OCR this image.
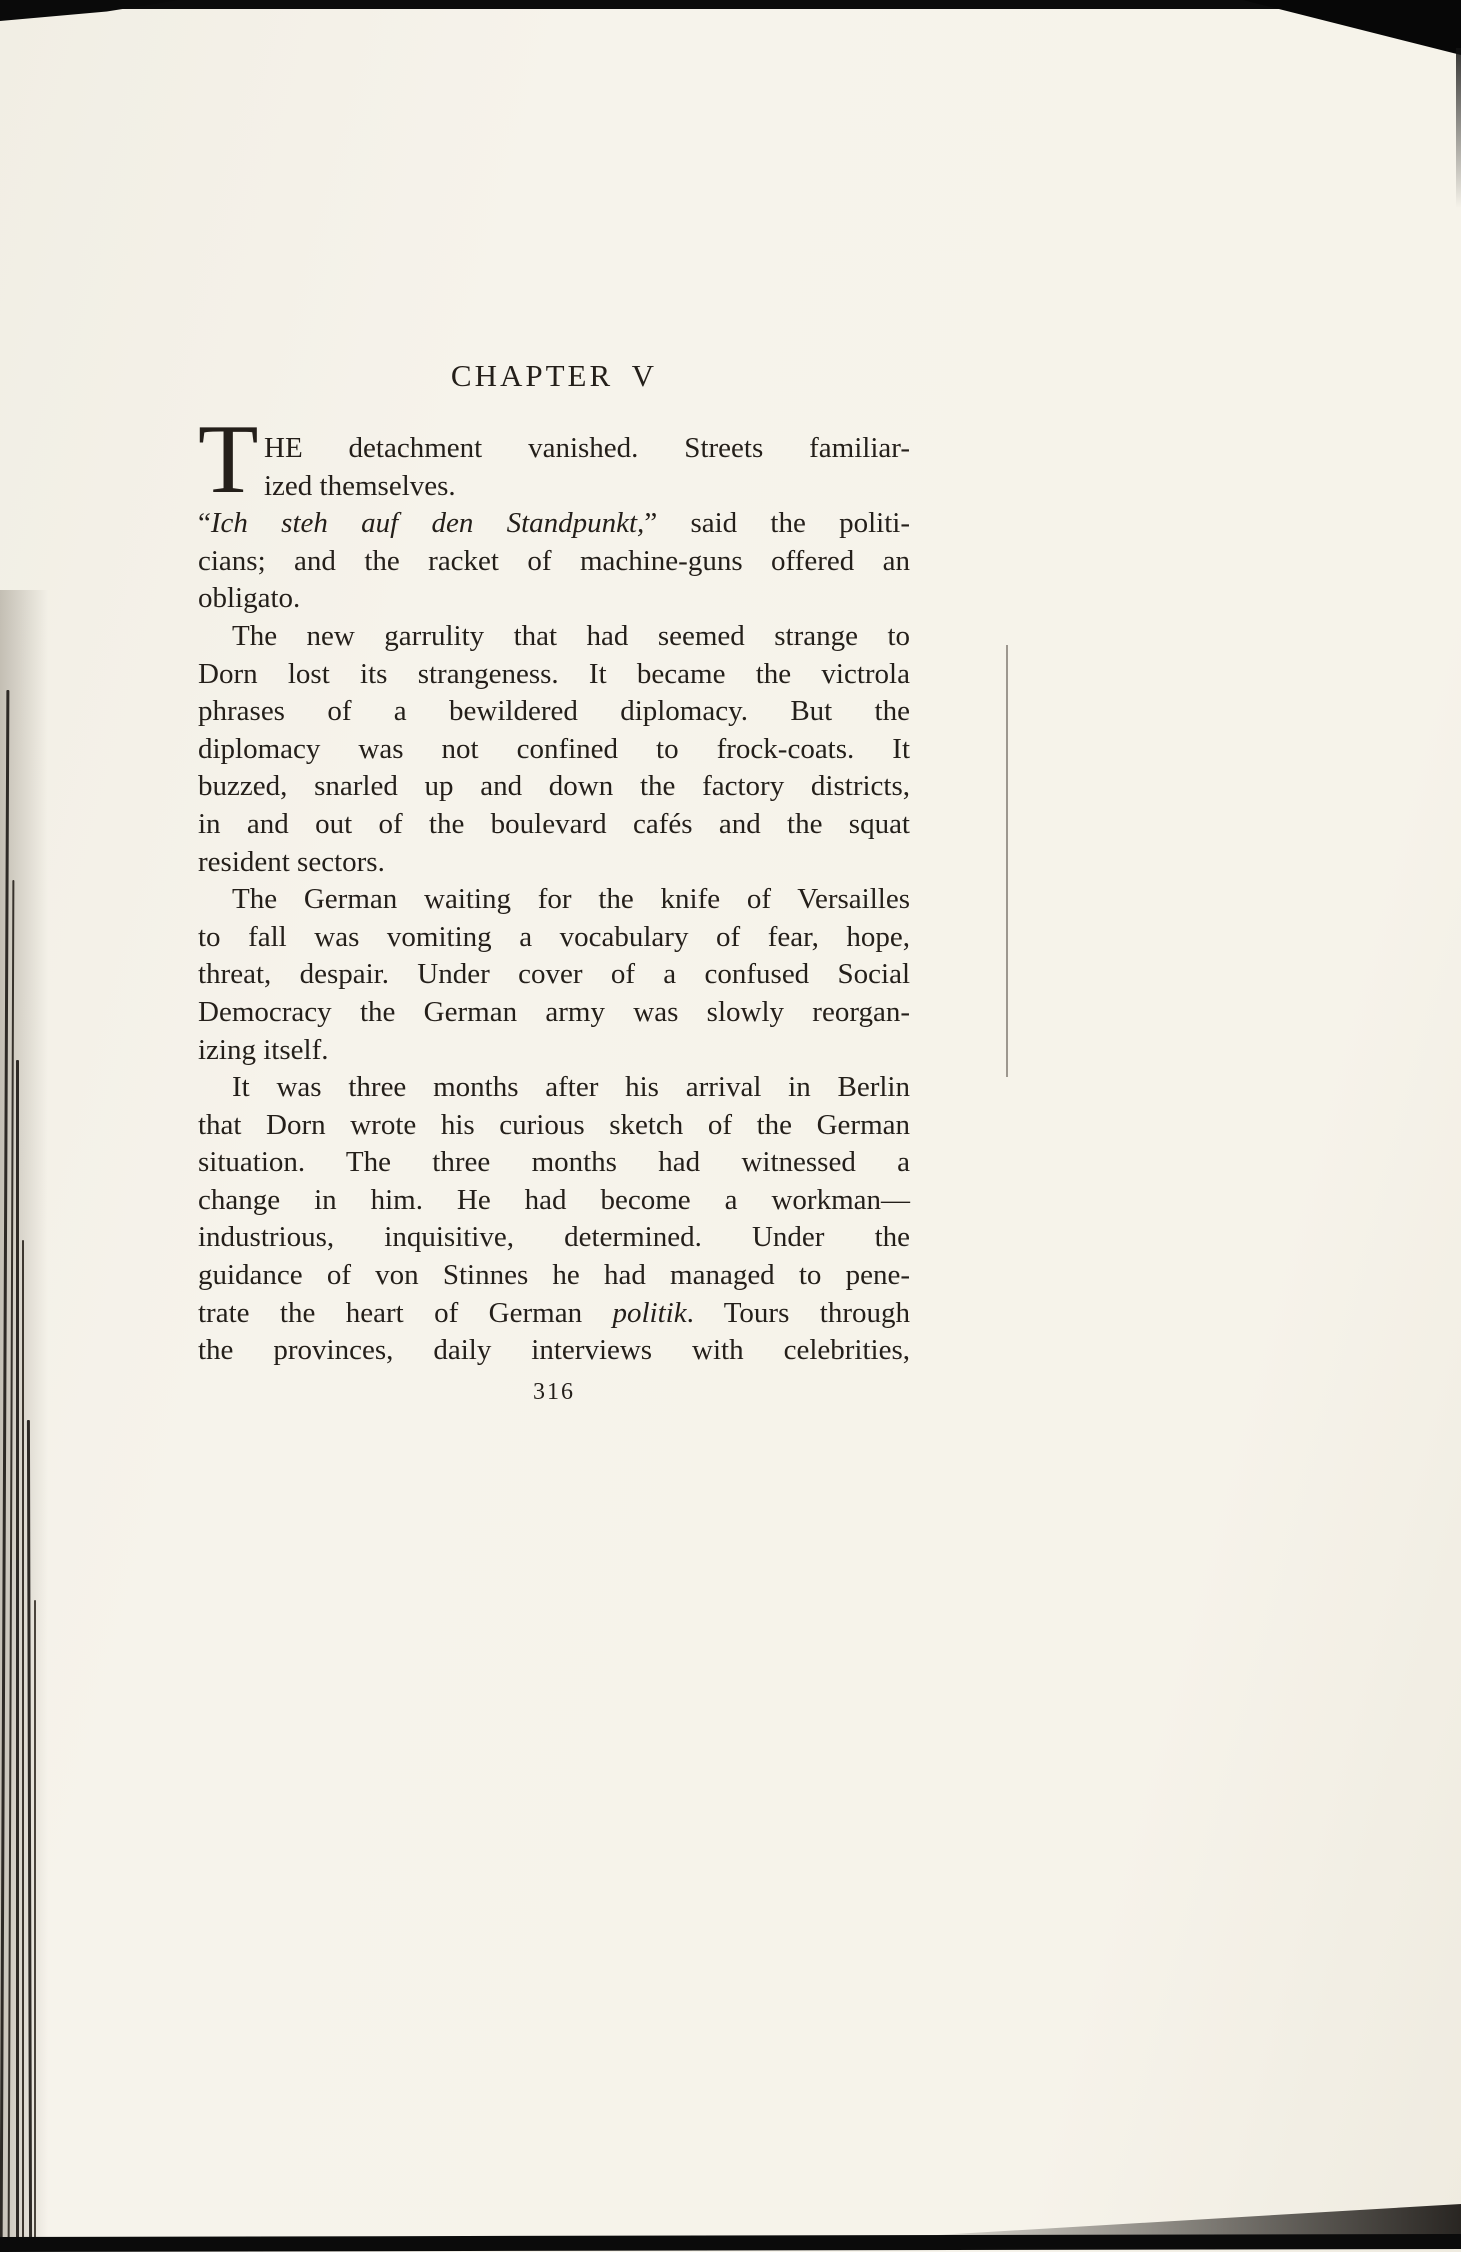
CHAPTER V
T HE detachment vanished. Streets familiar-
ized themselves.
“Ich steh auf den Standpunkt,” said the politi-
cians; and the racket of machine-guns offered an
obligato.
The new garrulity that had seemed strange to
Dorn lost its strangeness. It became the victrola
phrases of a bewildered diplomacy. But the
diplomacy was not confined to frock-coats. It
buzzed, snarled up and down the factory districts,
in and out of the boulevard cafés and the squat
resident sectors.
The German waiting for the knife of Versailles
to fall was vomiting a vocabulary of fear, hope,
threat, despair. Under cover of a confused Social
Democracy the German army was slowly reorgan-
izing itself.
It was three months after his arrival in Berlin
that Dorn wrote his curious sketch of the German
situation. The three months had witnessed a
change in him. He had become a workman—
industrious, inquisitive, determined. Under the
guidance of von Stinnes he had managed to pene-
trate the heart of German politik. Tours through
the provinces, daily interviews with celebrities,
316
